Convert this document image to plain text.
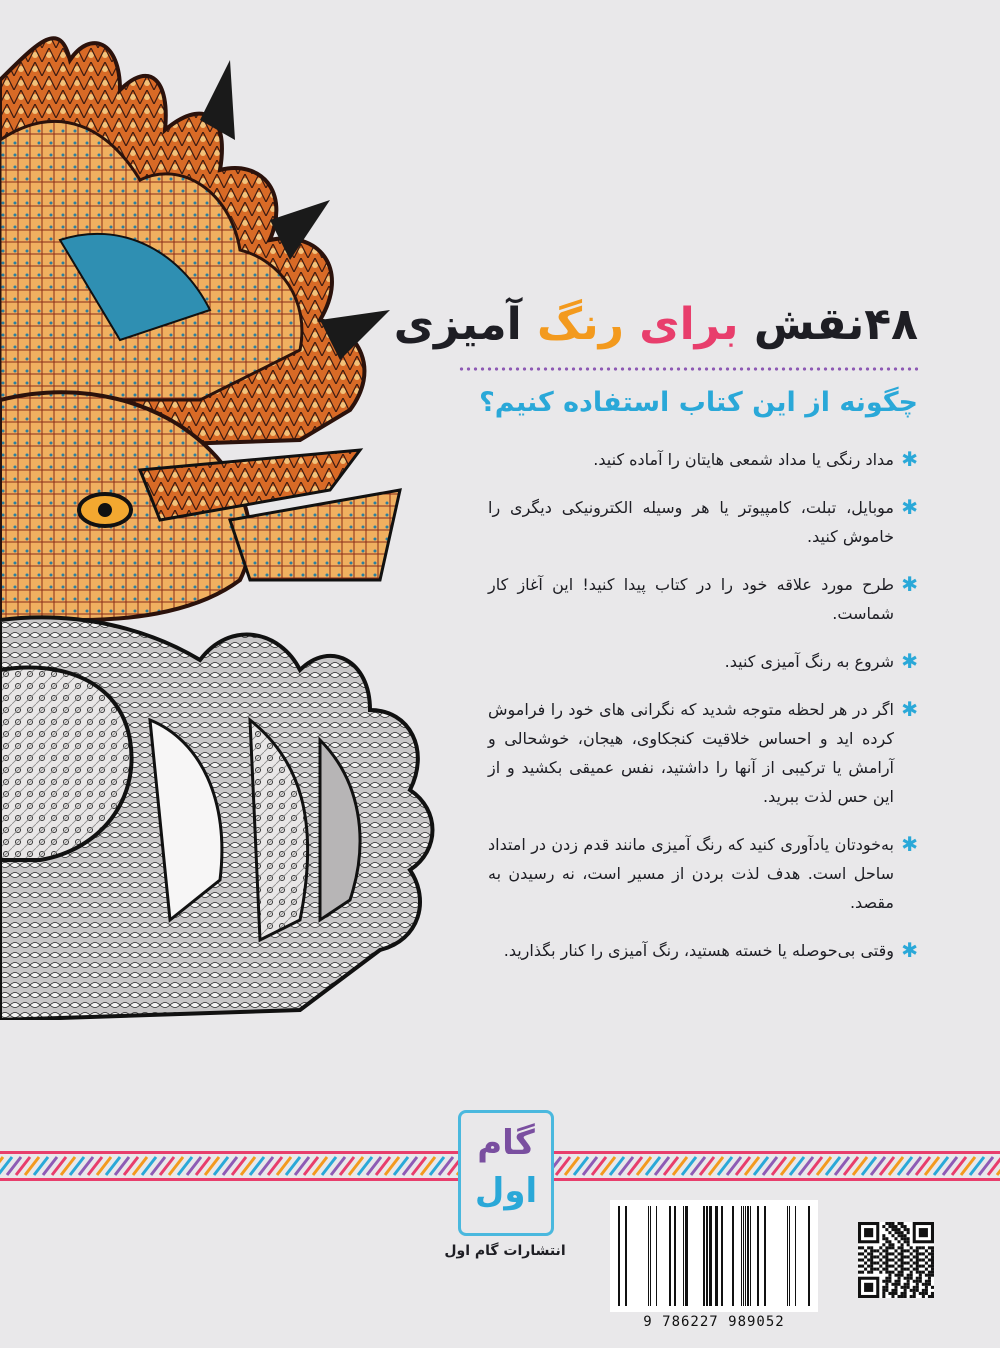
۴۸نقش برای رنگ آمیزی
چگونه از این کتاب استفاده کنیم؟
✱
مداد رنگی یا مداد شمعی هایتان را آماده کنید.
✱
موبایل، تبلت، کامپیوتر یا هر وسیله الکترونیکی دیگری را خاموش کنید.
✱
طرح مورد علاقه خود را در کتاب پیدا کنید! این آغاز کار شماست.
✱
شروع به رنگ آمیزی کنید.
✱
اگر در هر لحظه متوجه شدید که نگرانی های خود را فراموش کرده اید و احساس خلاقیت کنجکاوی، هیجان، خوشحالی و آرامش یا ترکیبی از آنها را داشتید، نفس عمیقی بکشید و از این حس لذت ببرید.
✱
به‌خودتان یادآوری کنید که رنگ آمیزی مانند قدم زدن در امتداد ساحل است. هدف لذت بردن از مسیر است، نه رسیدن به مقصد.
✱
وقتی بی‌حوصله یا خسته هستید، رنگ آمیزی را کنار بگذارید.
گام
اول
انتشارات گام اول
9 786227 989052
